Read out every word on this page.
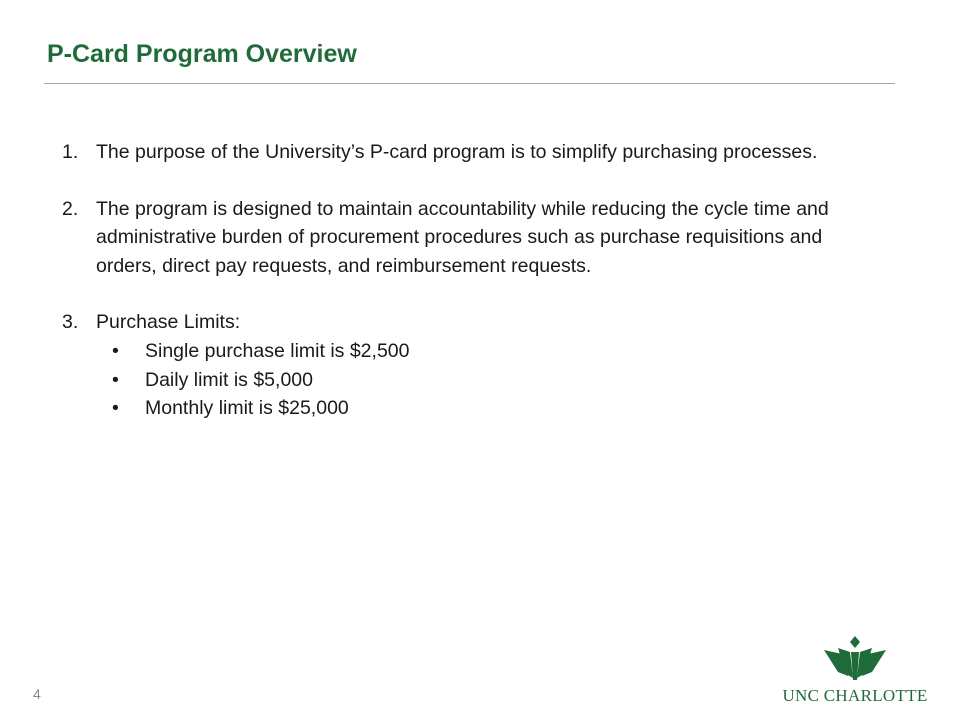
P-Card Program Overview
1. The purpose of the University’s P-card program is to simplify purchasing processes.
2. The program is designed to maintain accountability while reducing the cycle time and administrative burden of procurement procedures such as purchase requisitions and orders, direct pay requests, and reimbursement requests.
3. Purchase Limits:
• Single purchase limit is $2,500
• Daily limit is $5,000
• Monthly limit is $25,000
4	UNC CHARLOTTE
